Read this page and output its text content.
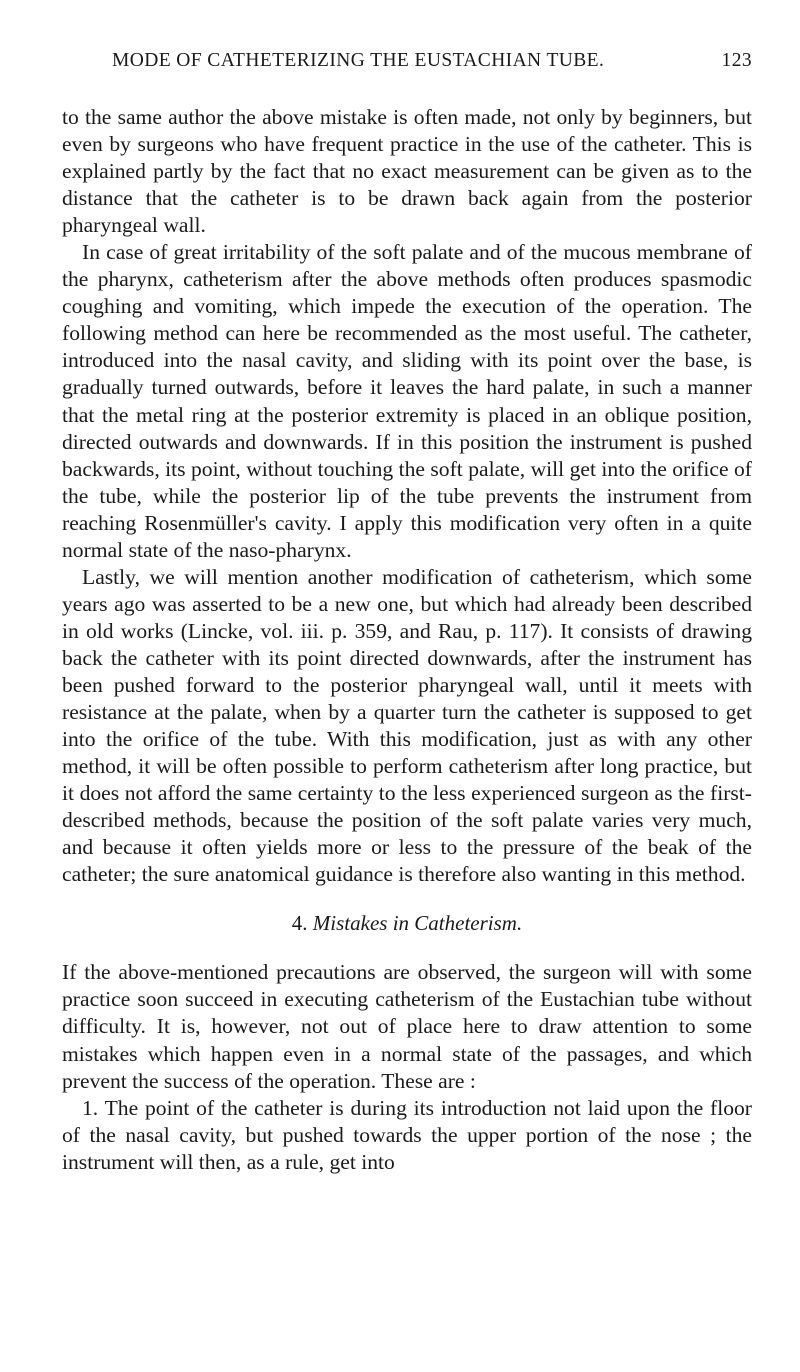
MODE OF CATHETERIZING THE EUSTACHIAN TUBE.	123

to the same author the above mistake is often made, not only by beginners, but even by surgeons who have frequent practice in the use of the catheter. This is explained partly by the fact that no exact measurement can be given as to the distance that the catheter is to be drawn back again from the posterior pharyngeal wall.

In case of great irritability of the soft palate and of the mucous membrane of the pharynx, catheterism after the above methods often produces spasmodic coughing and vomiting, which impede the execution of the operation. The following method can here be recommended as the most useful. The catheter, introduced into the nasal cavity, and sliding with its point over the base, is gradually turned outwards, before it leaves the hard palate, in such a manner that the metal ring at the posterior extremity is placed in an oblique position, directed outwards and downwards. If in this position the instrument is pushed backwards, its point, without touching the soft palate, will get into the orifice of the tube, while the posterior lip of the tube prevents the instrument from reaching Rosenmüller's cavity. I apply this modification very often in a quite normal state of the naso-pharynx.

Lastly, we will mention another modification of catheterism, which some years ago was asserted to be a new one, but which had already been described in old works (Lincke, vol. iii. p. 359, and Rau, p. 117). It consists of drawing back the catheter with its point directed downwards, after the instrument has been pushed forward to the posterior pharyngeal wall, until it meets with resistance at the palate, when by a quarter turn the catheter is supposed to get into the orifice of the tube. With this modification, just as with any other method, it will be often possible to perform catheterism after long practice, but it does not afford the same certainty to the less experienced surgeon as the first-described methods, because the position of the soft palate varies very much, and because it often yields more or less to the pressure of the beak of the catheter; the sure anatomical guidance is therefore also wanting in this method.

4. Mistakes in Catheterism.

If the above-mentioned precautions are observed, the surgeon will with some practice soon succeed in executing catheterism of the Eustachian tube without difficulty. It is, however, not out of place here to draw attention to some mistakes which happen even in a normal state of the passages, and which prevent the success of the operation. These are :

1. The point of the catheter is during its introduction not laid upon the floor of the nasal cavity, but pushed towards the upper portion of the nose ; the instrument will then, as a rule, get into
